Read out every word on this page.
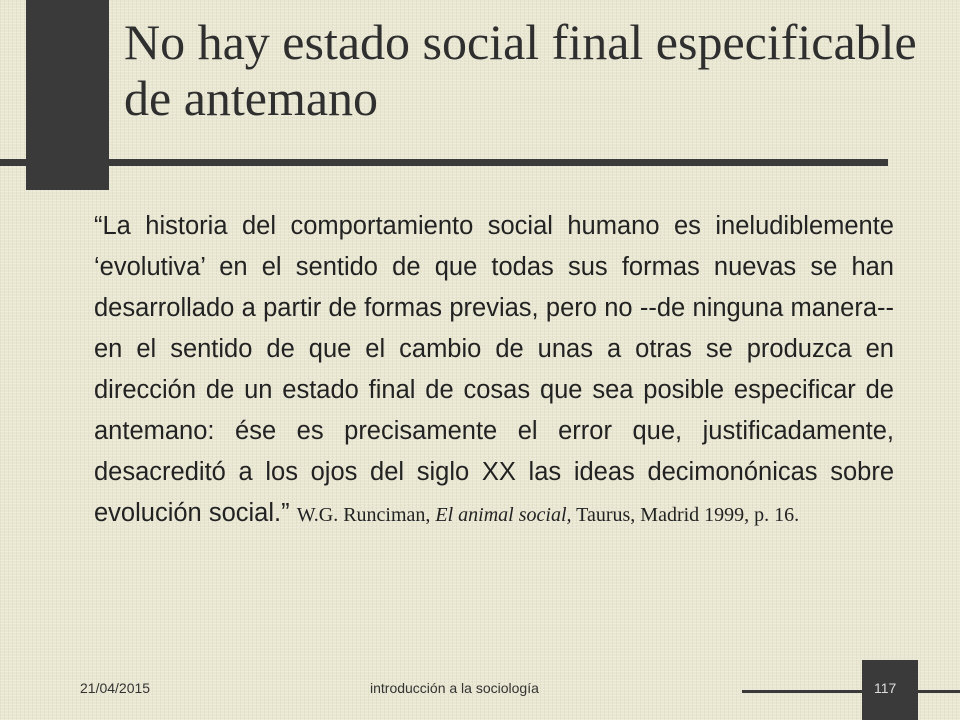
No hay estado social final especificable de antemano

“La historia del comportamiento social humano es ineludiblemente ‘evolutiva’ en el sentido de que todas sus formas nuevas se han desarrollado a partir de formas previas, pero no --de ninguna manera-- en el sentido de que el cambio de unas a otras se produzca en dirección de un estado final de cosas que sea posible especificar de antemano: ése es precisamente el error que, justificadamente, desacreditó a los ojos del siglo XX las ideas decimonónicas sobre evolución social.” W.G. Runciman, El animal social, Taurus, Madrid 1999, p. 16.

21/04/2015	introducción a la sociología	117
